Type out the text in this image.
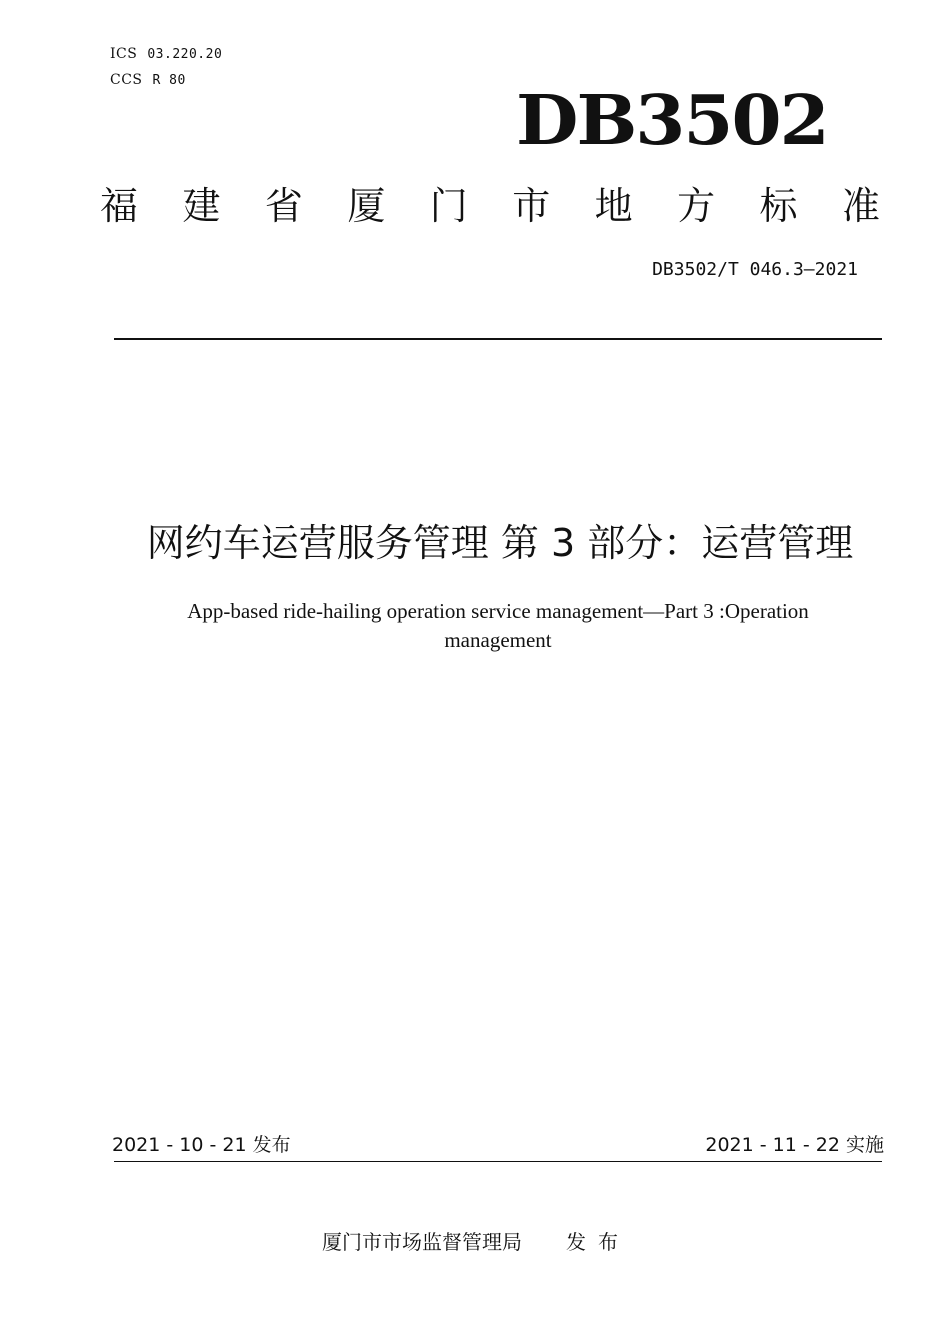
ICS 03.220.20
CCS R 80	DB3502
福 建 省 厦 门 市 地 方 标 准
DB3502/T 046.3—2021
网约车运营服务管理 第 3 部分：运营管理
App-based ride-hailing operation service management—Part 3 :Operation management
2021 - 10 - 21 发布	2021 - 11 - 22 实施
厦门市市场监督管理局 发布
